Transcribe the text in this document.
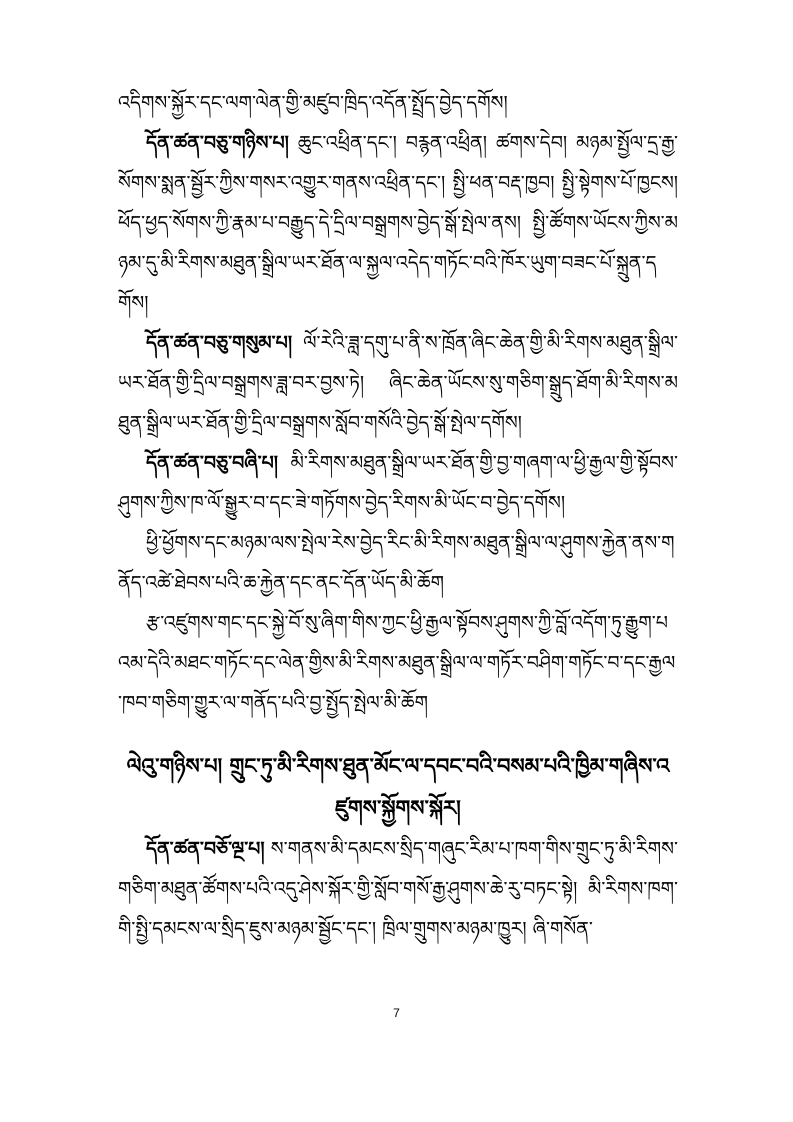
འདིགས་སྐྱོར་དང་ལག་ལེན་གྱི་མཛུབ་ཁྲིད་འདོན་སྤྲོད་བྱེད་དགོས།

དོན་ཚན་བཅུ་གཉིས་པ། ཆུང་འཕྲིན་དང་། བརྙན་འཕྲིན། ཚགས་དེབ། མཉམ་སྤྱོལ་དྲ་རྒྱ་སོགས་སྨན་སྦྱོར་ཀྱིས་གསར་འགྱུར་གནས་འཕྲིན་དང་། སྤྱི་ཕན་བརྡ་ཁྱབ། སྤྱི་སྟེགས་པོ་ཁྱངས། ཕོད་ཕྱད་སོགས་ཀྱི་རྣམ་པ་བརྒྱུད་དེ་དྲིལ་བསྒྲགས་བྱེད་སྒོ་སྤེལ་ནས། སྤྱི་ཚོགས་ཡོངས་ཀྱིས་མཉམ་དུ་མི་རིགས་མཐུན་སྒྲིལ་ཡར་ཐོན་ལ་སྐྱལ་འདེད་གཏོང་བའི་ཁོར་ཡུག་བཟང་པོ་སྐྲུན་དགོས།

དོན་ཚན་བཅུ་གསུམ་པ། ལོ་རེའི་ཟླ་དགུ་པ་ནི་ས་ཁྲོན་ཞིང་ཆེན་གྱི་མི་རིགས་མཐུན་སྒྲིལ་ཡར་ཐོན་གྱི་དྲིལ་བསྒྲགས་ཟླ་བར་བྱས་ཏེ། ཞིང་ཆེན་ཡོངས་སུ་གཅིག་སྒྲུད་ཐོག་མི་རིགས་མཐུན་སྒྲིལ་ཡར་ཐོན་གྱི་དྲིལ་བསྒྲགས་སློབ་གསོའི་བྱེད་སྒོ་སྤེལ་དགོས།

དོན་ཚན་བཅུ་བཞི་པ། མི་རིགས་མཐུན་སྒྲིལ་ཡར་ཐོན་གྱི་བྱ་གཞག་ལ་ཕྱི་རྒྱལ་གྱི་སྟོབས་ཤུགས་ཀྱིས་ཁ་ལོ་སྒྱུར་བ་དང་ཟེ་གཏོགས་བྱེད་རིགས་མི་ཡོང་བ་བྱེད་དགོས།

ཕྱི་ཕྱོགས་དང་མཉམ་ལས་སྤེལ་རེས་བྱེད་རིང་མི་རིགས་མཐུན་སྒྲིལ་ལ་ཤུགས་རྐྱེན་ནས་གནོད་འཚེ་ཐེབས་པའི་ཆ་རྐྱེན་དང་ནང་དོན་ཡོད་མི་ཆོག

རྩ་འཛུགས་གང་དང་སྐྱེ་བོ་སུ་ཞིག་གིས་ཀྱང་ཕྱི་རྒྱལ་སྟོབས་ཤུགས་ཀྱི་བློ་འདོག་ཏུ་རྒྱུག་པའམ་དེའི་མཐང་གཏོང་དང་ལེན་གྱིས་མི་རིགས་མཐུན་སྒྲིལ་ལ་གཏོར་བཤིག་གཏོང་བ་དང་རྒྱལ་ཁབ་གཅིག་གྱུར་ལ་གནོད་པའི་བྱ་སྤྱོད་སྤེལ་མི་ཆོག

ལེའུ་གཉིས་པ། གྲུང་ཏུ་མི་རིགས་ཐུན་མོང་ལ་དབང་བའི་བསམ་པའི་ཁྱིམ་གཞིས་འཛུགས་སྐྱོགས་སྐོར།

དོན་ཚན་བཅོ་ལྔ་པ། ས་གནས་མི་དམངས་སྲིད་གཞུང་རིམ་པ་ཁག་གིས་གྲུང་ཏུ་མི་རིགས་གཅིག་མཐུན་ཚོགས་པའི་འདུ་ཤེས་སྐོར་གྱི་སློབ་གསོ་རྒྱ་ཤུགས་ཆེ་རུ་བཏང་སྟེ། མི་རིགས་ཁག་གི་སྤྱི་དམངས་ལ་སྲིད་ཇུས་མཉམ་སྦྱོང་དང་། ཁྲིལ་གྲུགས་མཉམ་ཁྱུར། ཞི་གསོན་

7
